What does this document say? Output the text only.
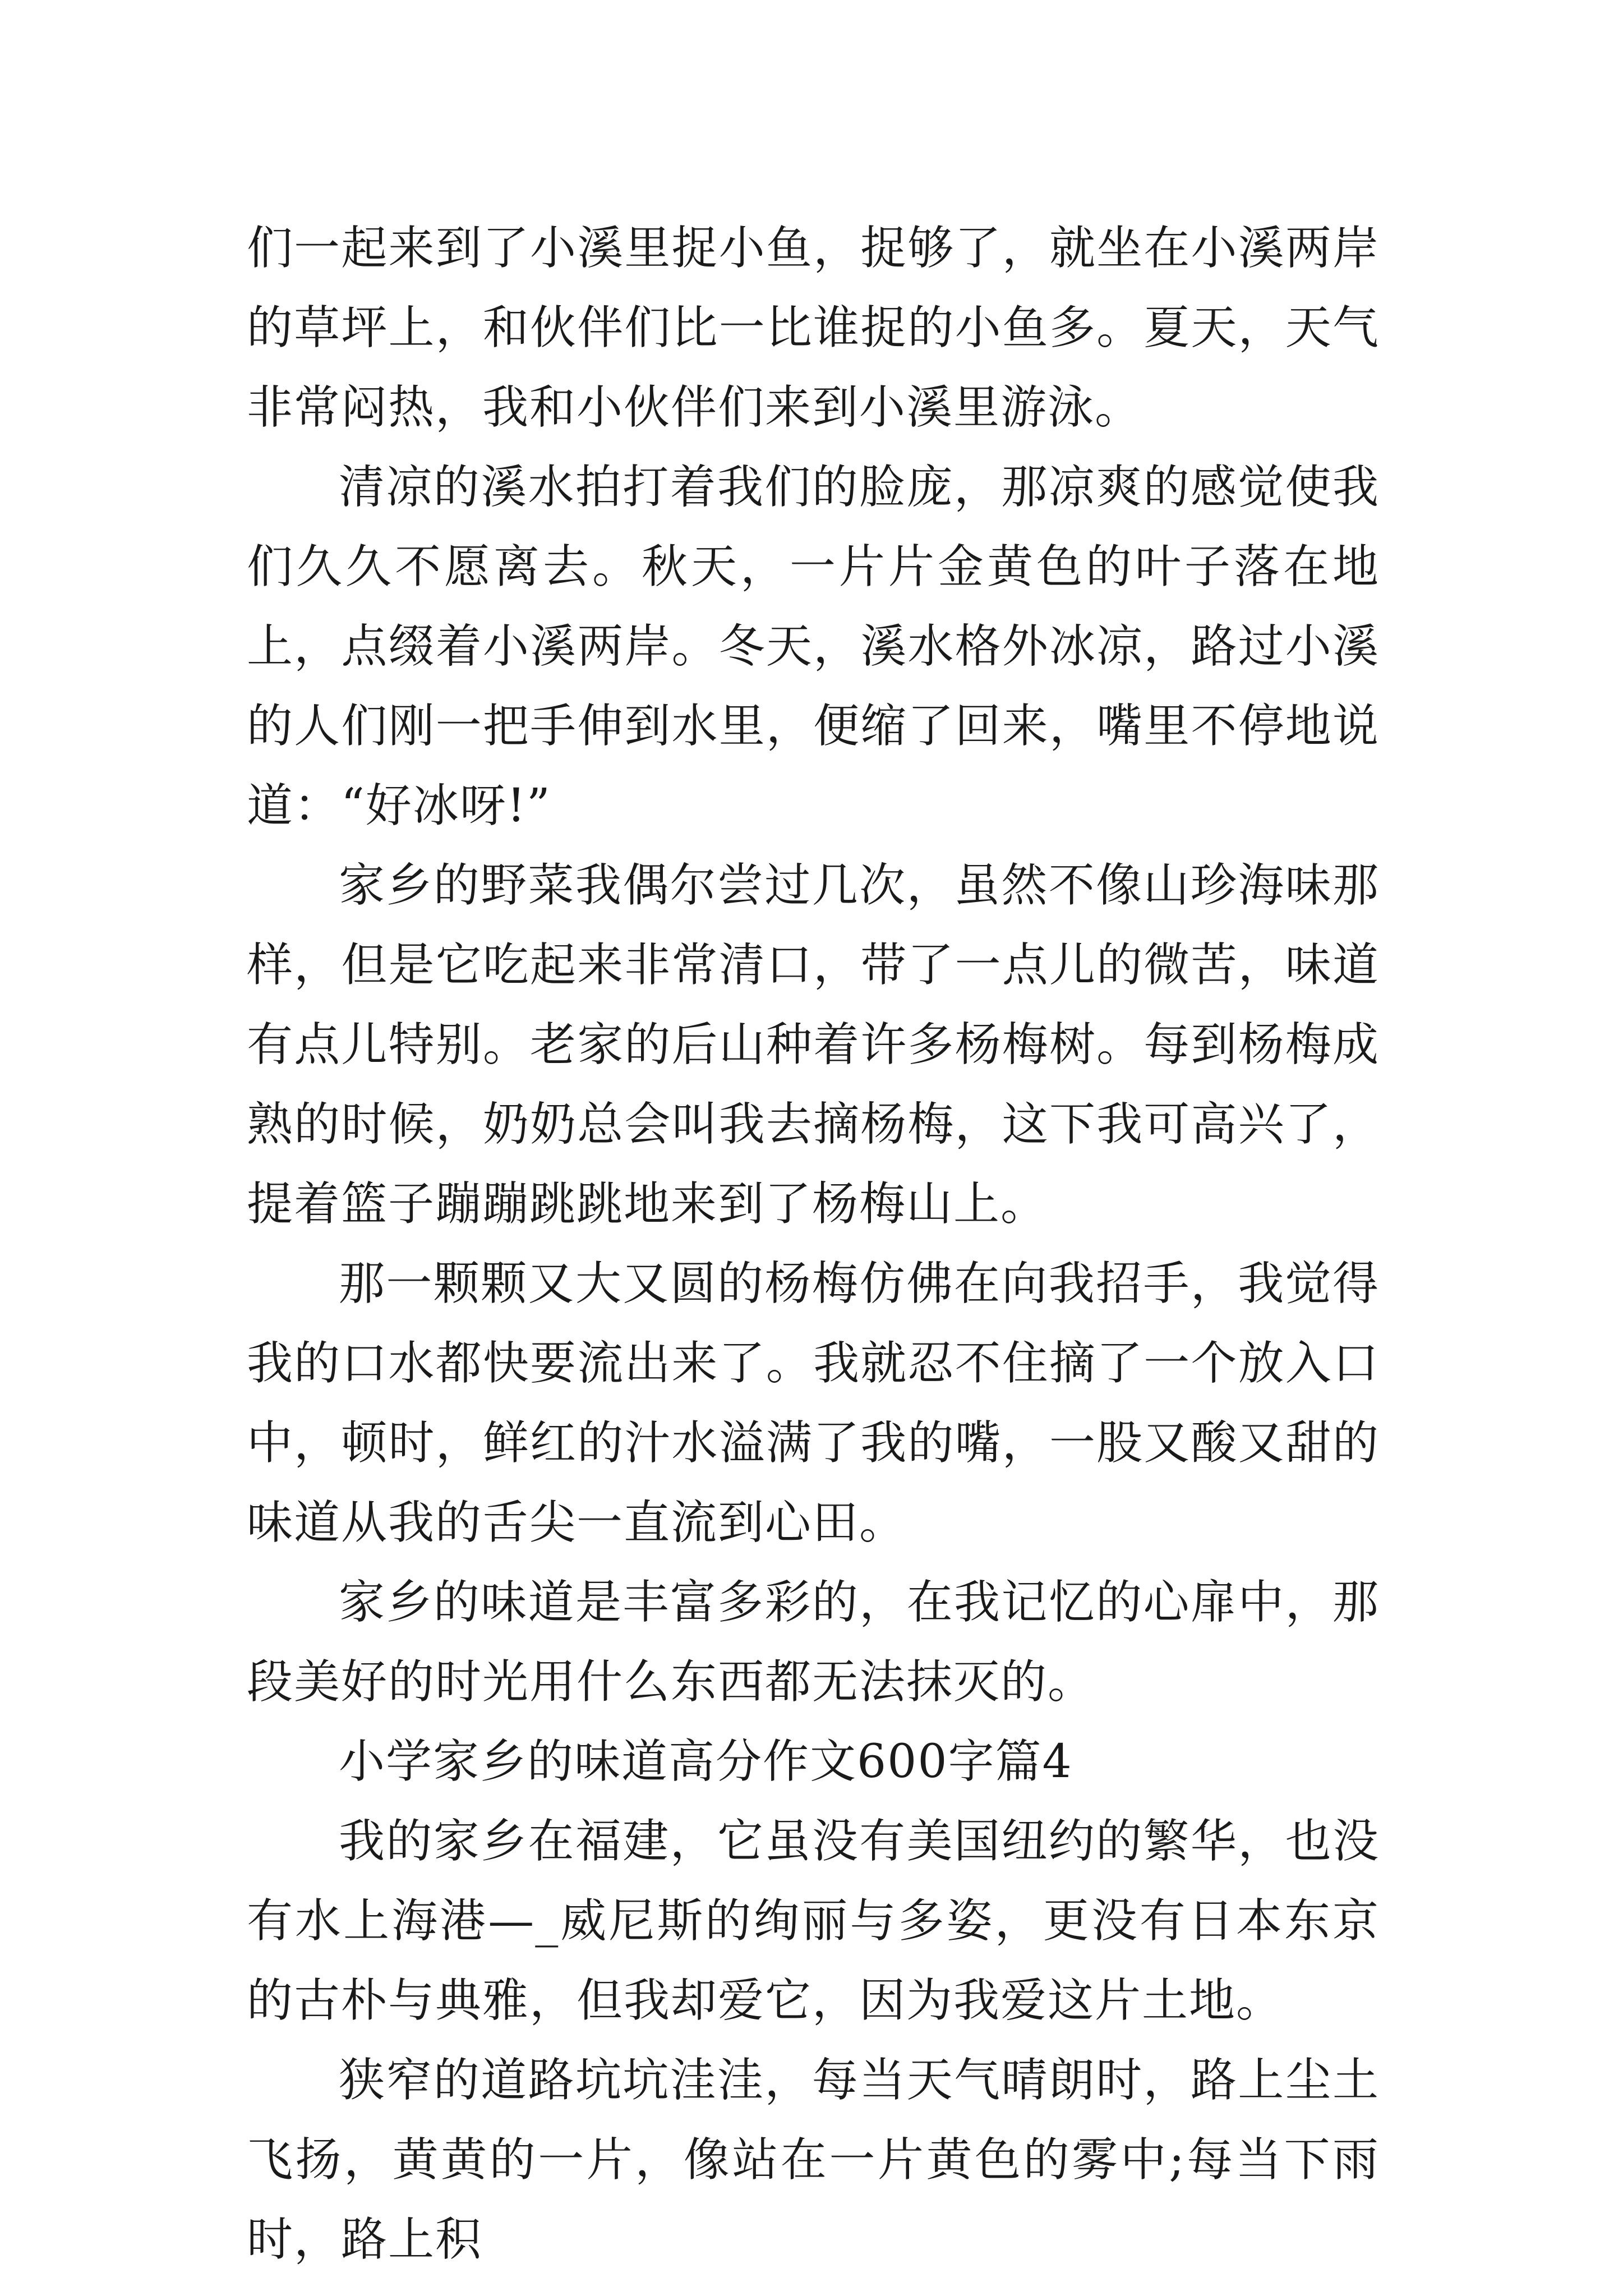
们一起来到了小溪里捉小鱼，捉够了，就坐在小溪两岸的草坪上，和伙伴们比一比谁捉的小鱼多。夏天，天气非常闷热，我和小伙伴们来到小溪里游泳。

清凉的溪水拍打着我们的脸庞，那凉爽的感觉使我们久久不愿离去。秋天，一片片金黄色的叶子落在地上，点缀着小溪两岸。冬天，溪水格外冰凉，路过小溪的人们刚一把手伸到水里，便缩了回来，嘴里不停地说道：“好冰呀!”

家乡的野菜我偶尔尝过几次，虽然不像山珍海味那样，但是它吃起来非常清口，带了一点儿的微苦，味道有点儿特别。老家的后山种着许多杨梅树。每到杨梅成熟的时候，奶奶总会叫我去摘杨梅，这下我可高兴了，提着篮子蹦蹦跳跳地来到了杨梅山上。

那一颗颗又大又圆的杨梅仿佛在向我招手，我觉得我的口水都快要流出来了。我就忍不住摘了一个放入口中，顿时，鲜红的汁水溢满了我的嘴，一股又酸又甜的味道从我的舌尖一直流到心田。

家乡的味道是丰富多彩的，在我记忆的心扉中，那段美好的时光用什么东西都无法抹灭的。

小学家乡的味道高分作文600字篇4

我的家乡在福建，它虽没有美国纽约的繁华，也没有水上海港—_威尼斯的绚丽与多姿，更没有日本东京的古朴与典雅，但我却爱它，因为我爱这片土地。

狭窄的道路坑坑洼洼，每当天气晴朗时，路上尘土飞扬，黄黄的一片，像站在一片黄色的雾中;每当下雨时，路上积
